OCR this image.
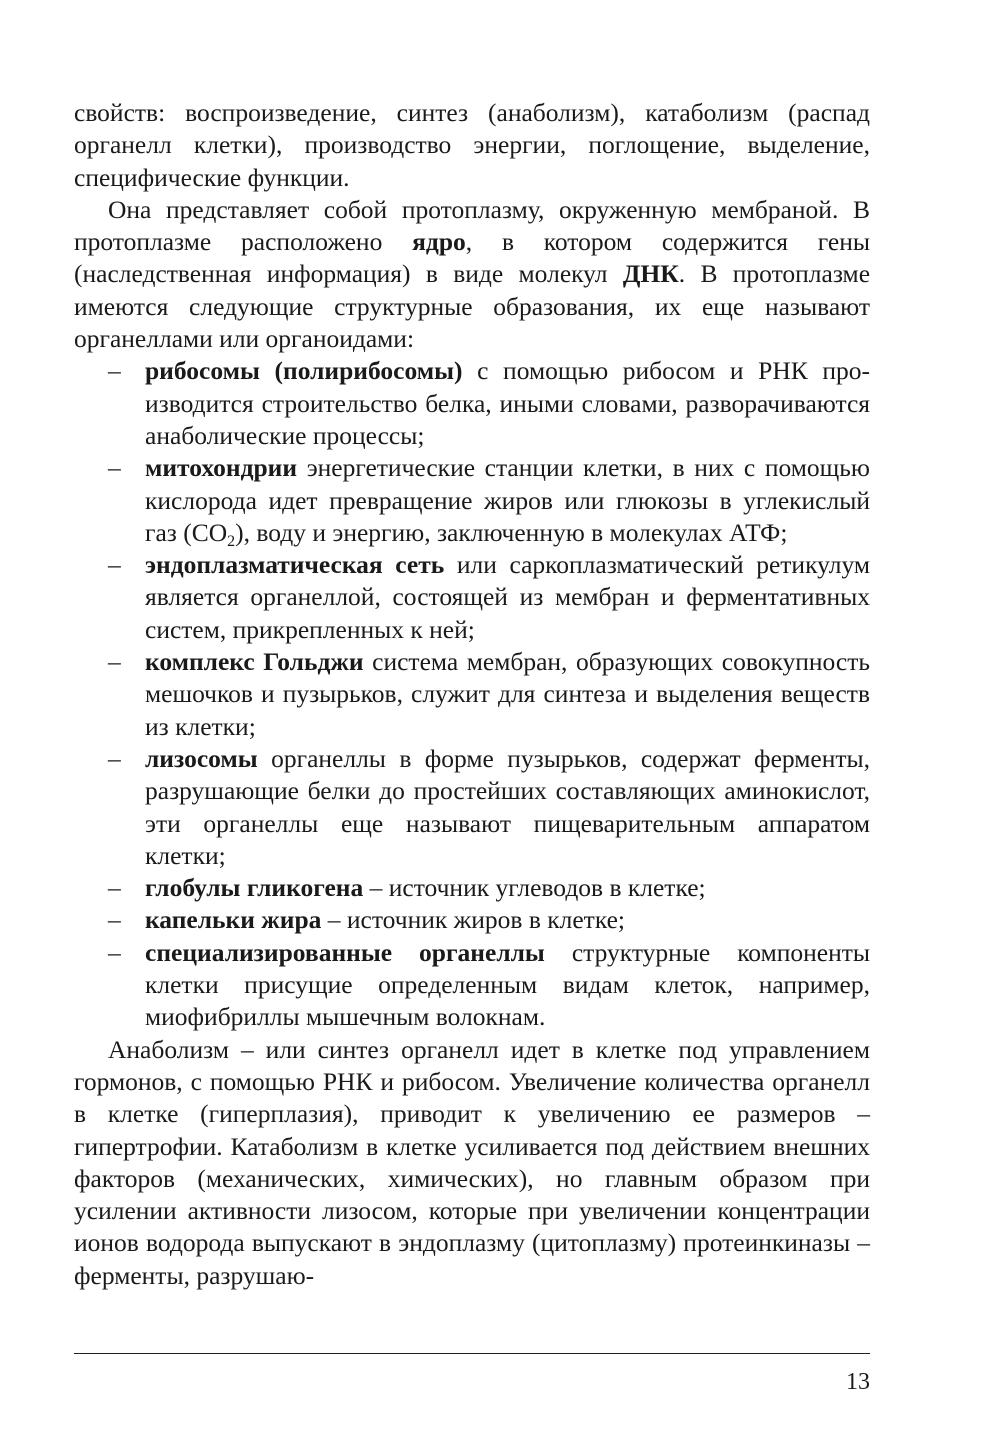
свойств: воспроизведение, синтез (анаболизм), катаболизм (распад органелл клетки), производство энергии, поглощение, выделение, специфические функции.

Она представляет собой протоплазму, окруженную мембраной. В протоплазме расположено ядро, в котором содержится гены (наследственная информация) в виде молекул ДНК. В протоплазме имеются следующие структурные образования, их еще называют органеллами или органоидами:

– рибосомы (полирибосомы) с помощью рибосом и РНК производится строительство белка, иными словами, разворачиваются анаболические процессы;
– митохондрии энергетические станции клетки, в них с помощью кислорода идет превращение жиров или глюкозы в углекислый газ $(СО_2)$, воду и энергию, заключенную в молекулах АТФ;
– эндоплазматическая сеть или саркоплазматический ретикулум является органеллой, состоящей из мембран и ферментативных систем, прикрепленных к ней;
– комплекс Гольджи система мембран, образующих совокупность мешочков и пузырьков, служит для синтеза и выделения веществ из клетки;
– лизосомы органеллы в форме пузырьков, содержат ферменты, разрушающие белки до простейших составляющих аминокислот, эти органеллы еще называют пищеварительным аппаратом клетки;
– глобулы гликогена – источник углеводов в клетке;
– капельки жира – источник жиров в клетке;
– специализированные органеллы структурные компоненты клетки присущие определенным видам клеток, например, миофибриллы мышечным волокнам.

Анаболизм – или синтез органелл идет в клетке под управлением гормонов, с помощью РНК и рибосом. Увеличение количества органелл в клетке (гиперплазия), приводит к увеличению ее размеров – гипертрофии. Катаболизм в клетке усиливается под действием внешних факторов (механических, химических), но главным образом при усилении активности лизосом, которые при увеличении концентрации ионов водорода выпускают в эндоплазму (цитоплазму) протеинкиназы – ферменты, разрушаю-

13
